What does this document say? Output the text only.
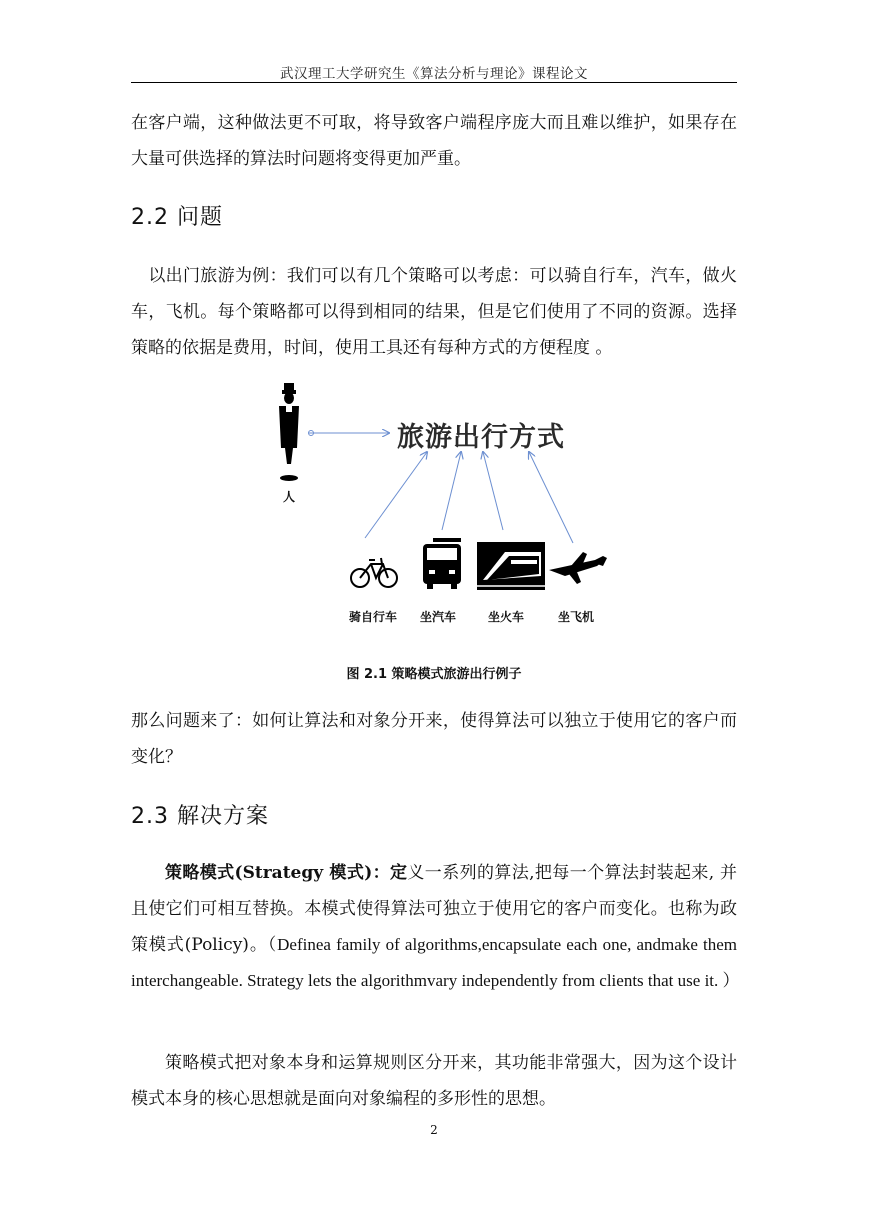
武汉理工大学研究生《算法分析与理论》课程论文
在客户端，这种做法更不可取，将导致客户端程序庞大而且难以维护，如果存在大量可供选择的算法时问题将变得更加严重。
2.2 问题
　以出门旅游为例：我们可以有几个策略可以考虑：可以骑自行车，汽车，做火车，飞机。每个策略都可以得到相同的结果，但是它们使用了不同的资源。选择策略的依据是费用，时间，使用工具还有每种方式的方便程度 。
人
旅游出行方式
骑自行车 坐汽车	坐火车	坐飞机
图 2.1 策略模式旅游出行例子
那么问题来了：如何让算法和对象分开来，使得算法可以独立于使用它的客户而变化？
2.3 解决方案
策略模式(Strategy 模式)：定义一系列的算法,把每一个算法封装起来, 并且使它们可相互替换。本模式使得算法可独立于使用它的客户而变化。也称为政策模式(Policy)。（Definea family of algorithms,encapsulate each one, andmake them interchangeable. Strategy lets the algorithmvary independently from clients that use it. ）
策略模式把对象本身和运算规则区分开来，其功能非常强大，因为这个设计模式本身的核心思想就是面向对象编程的多形性的思想。
2
